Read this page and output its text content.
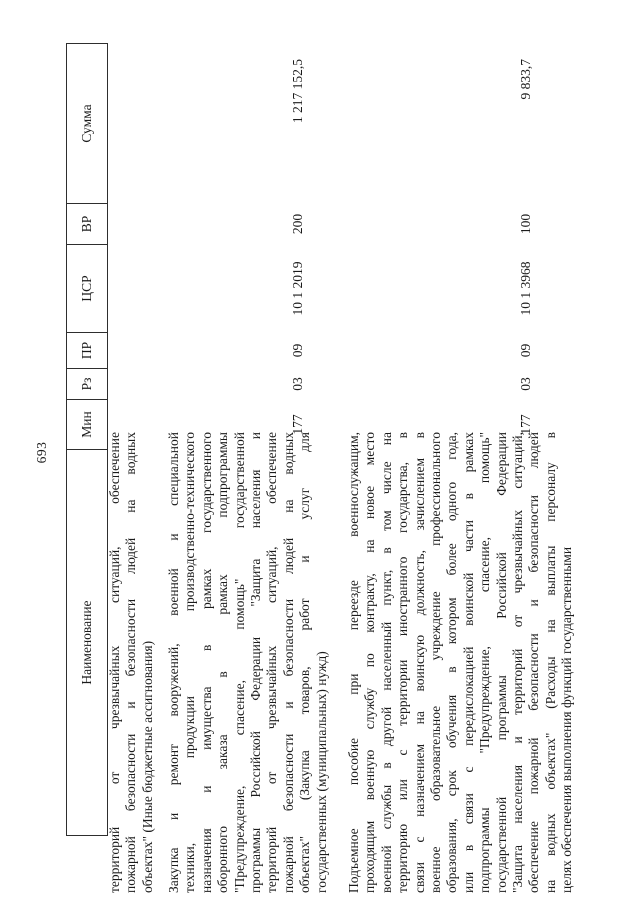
693
Наименование
Мин
Рз
ПР
ЦСР
ВР
Сумма
территорий от чрезвычайных ситуаций, обеспечение пожарной безопасности и безопасности людей на водных объектах" (Иные бюджетные ассигнования) Закупка и ремонт вооружений, военной и специальной техники, продукции производственно-технического назначения и имущества в рамках государственного оборонного заказа в рамках подпрограммы "Предупреждение, спасение, помощь" государственной программы Российской Федерации "Защита населения и территорий от чрезвычайных ситуаций, обеспечение пожарной безопасности и безопасности людей на водных объектах" (Закупка товаров, работ и услуг для государственных (муниципальных) нужд) Подъемное пособие при переезде военнослужащим, проходящим военную службу по контракту, на новое место военной службы в другой населенный пункт, в том числе на территорию или с территории иностранного государства, в связи с назначением на воинскую должность, зачислением в военное образовательное учреждение профессионального образования, срок обучения в котором более одного года, или в связи с передислокацией воинской части в рамках подпрограммы "Предупреждение, спасение, помощь" государственной программы Российской Федерации "Защита населения и территорий от чрезвычайных ситуаций, обеспечение пожарной безопасности и безопасности людей на водных объектах" (Расходы на выплаты персоналу в целях обеспечения выполнения функций государственными
177
03
09
10 1 2019
200
1 217 152,5
177
03
09
10 1 3968
100
9 833,7
